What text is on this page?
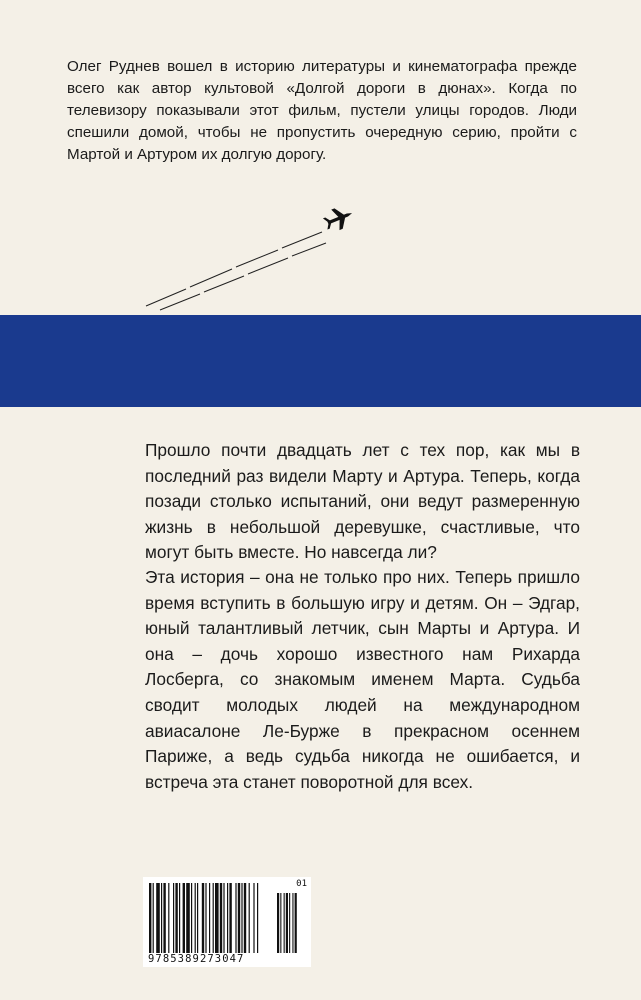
Олег Руднев вошел в историю литературы и кинематографа прежде всего как автор культовой «Долгой дороги в дюнах». Когда по телевизору показывали этот фильм, пустели улицы городов. Люди спешили домой, чтобы не пропустить очередную серию, пройти с Мартой и Артуром их долгую дорогу.

Прошло почти двадцать лет с тех пор, как мы в последний раз видели Марту и Артура. Теперь, когда позади столько испытаний, они ведут размеренную жизнь в небольшой деревушке, счастливые, что могут быть вместе. Но навсегда ли?

Эта история – она не только про них. Теперь пришло время вступить в большую игру и детям. Он – Эдгар, юный талантливый летчик, сын Марты и Артура. И она – дочь хорошо известного нам Рихарда Лосберга, со знакомым именем Марта. Судьба сводит молодых людей на международном авиасалоне Ле-Бурже в прекрасном осеннем Париже, а ведь судьба никогда не ошибается, и встреча эта станет поворотной для всех.

01
9785389273047
